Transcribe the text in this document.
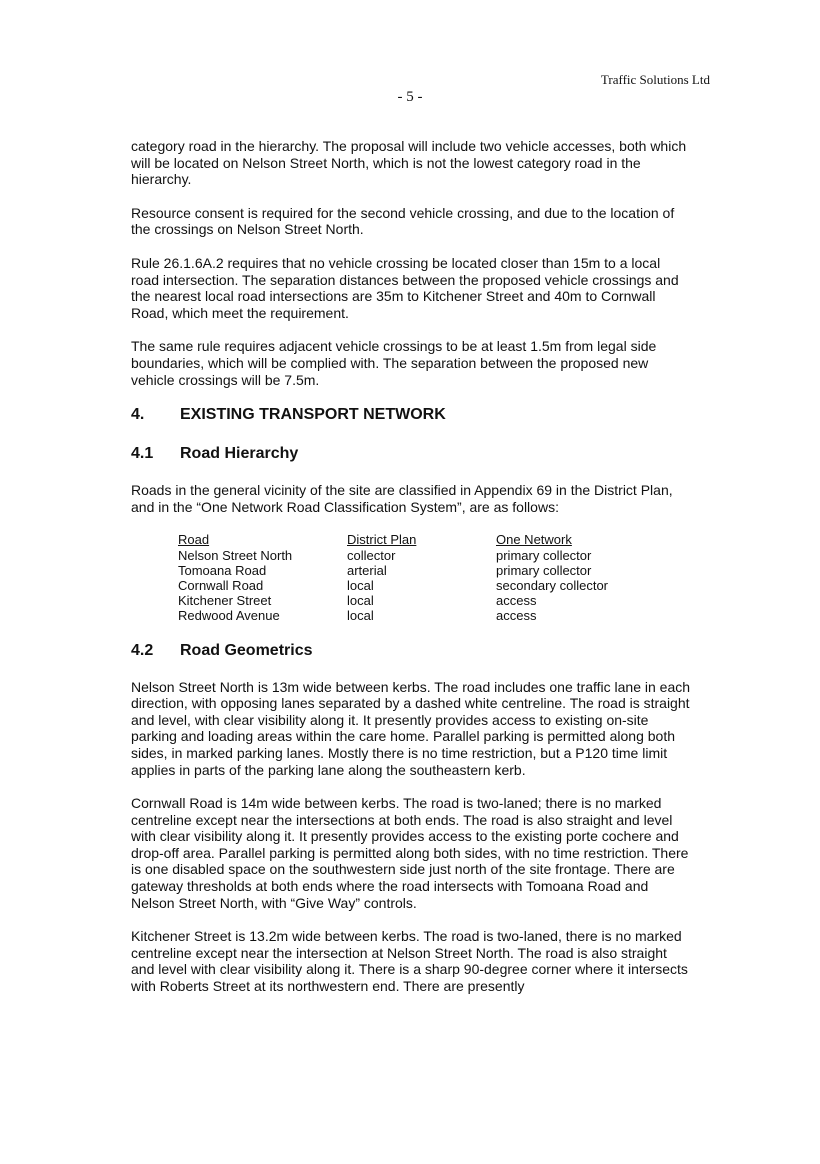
Traffic Solutions Ltd
- 5 -

category road in the hierarchy. The proposal will include two vehicle accesses, both which will be located on Nelson Street North, which is not the lowest category road in the hierarchy.

Resource consent is required for the second vehicle crossing, and due to the location of the crossings on Nelson Street North.

Rule 26.1.6A.2 requires that no vehicle crossing be located closer than 15m to a local road intersection. The separation distances between the proposed vehicle crossings and the nearest local road intersections are 35m to Kitchener Street and 40m to Cornwall Road, which meet the requirement.

The same rule requires adjacent vehicle crossings to be at least 1.5m from legal side boundaries, which will be complied with. The separation between the proposed new vehicle crossings will be 7.5m.

4. EXISTING TRANSPORT NETWORK
4.1 Road Hierarchy

Roads in the general vicinity of the site are classified in Appendix 69 in the District Plan, and in the “One Network Road Classification System”, are as follows:

Road	District Plan	One Network
Nelson Street North	collector	primary collector
Tomoana Road	arterial	primary collector
Cornwall Road	local	secondary collector
Kitchener Street	local	access
Redwood Avenue	local	access
4.2 Road Geometrics

Nelson Street North is 13m wide between kerbs. The road includes one traffic lane in each direction, with opposing lanes separated by a dashed white centreline. The road is straight and level, with clear visibility along it. It presently provides access to existing on-site parking and loading areas within the care home. Parallel parking is permitted along both sides, in marked parking lanes. Mostly there is no time restriction, but a P120 time limit applies in parts of the parking lane along the southeastern kerb.

Cornwall Road is 14m wide between kerbs. The road is two-laned; there is no marked centreline except near the intersections at both ends. The road is also straight and level with clear visibility along it. It presently provides access to the existing porte cochere and drop-off area. Parallel parking is permitted along both sides, with no time restriction. There is one disabled space on the southwestern side just north of the site frontage. There are gateway thresholds at both ends where the road intersects with Tomoana Road and Nelson Street North, with “Give Way” controls.

Kitchener Street is 13.2m wide between kerbs. The road is two-laned, there is no marked centreline except near the intersection at Nelson Street North. The road is also straight and level with clear visibility along it. There is a sharp 90-degree corner where it intersects with Roberts Street at its northwestern end. There are presently
